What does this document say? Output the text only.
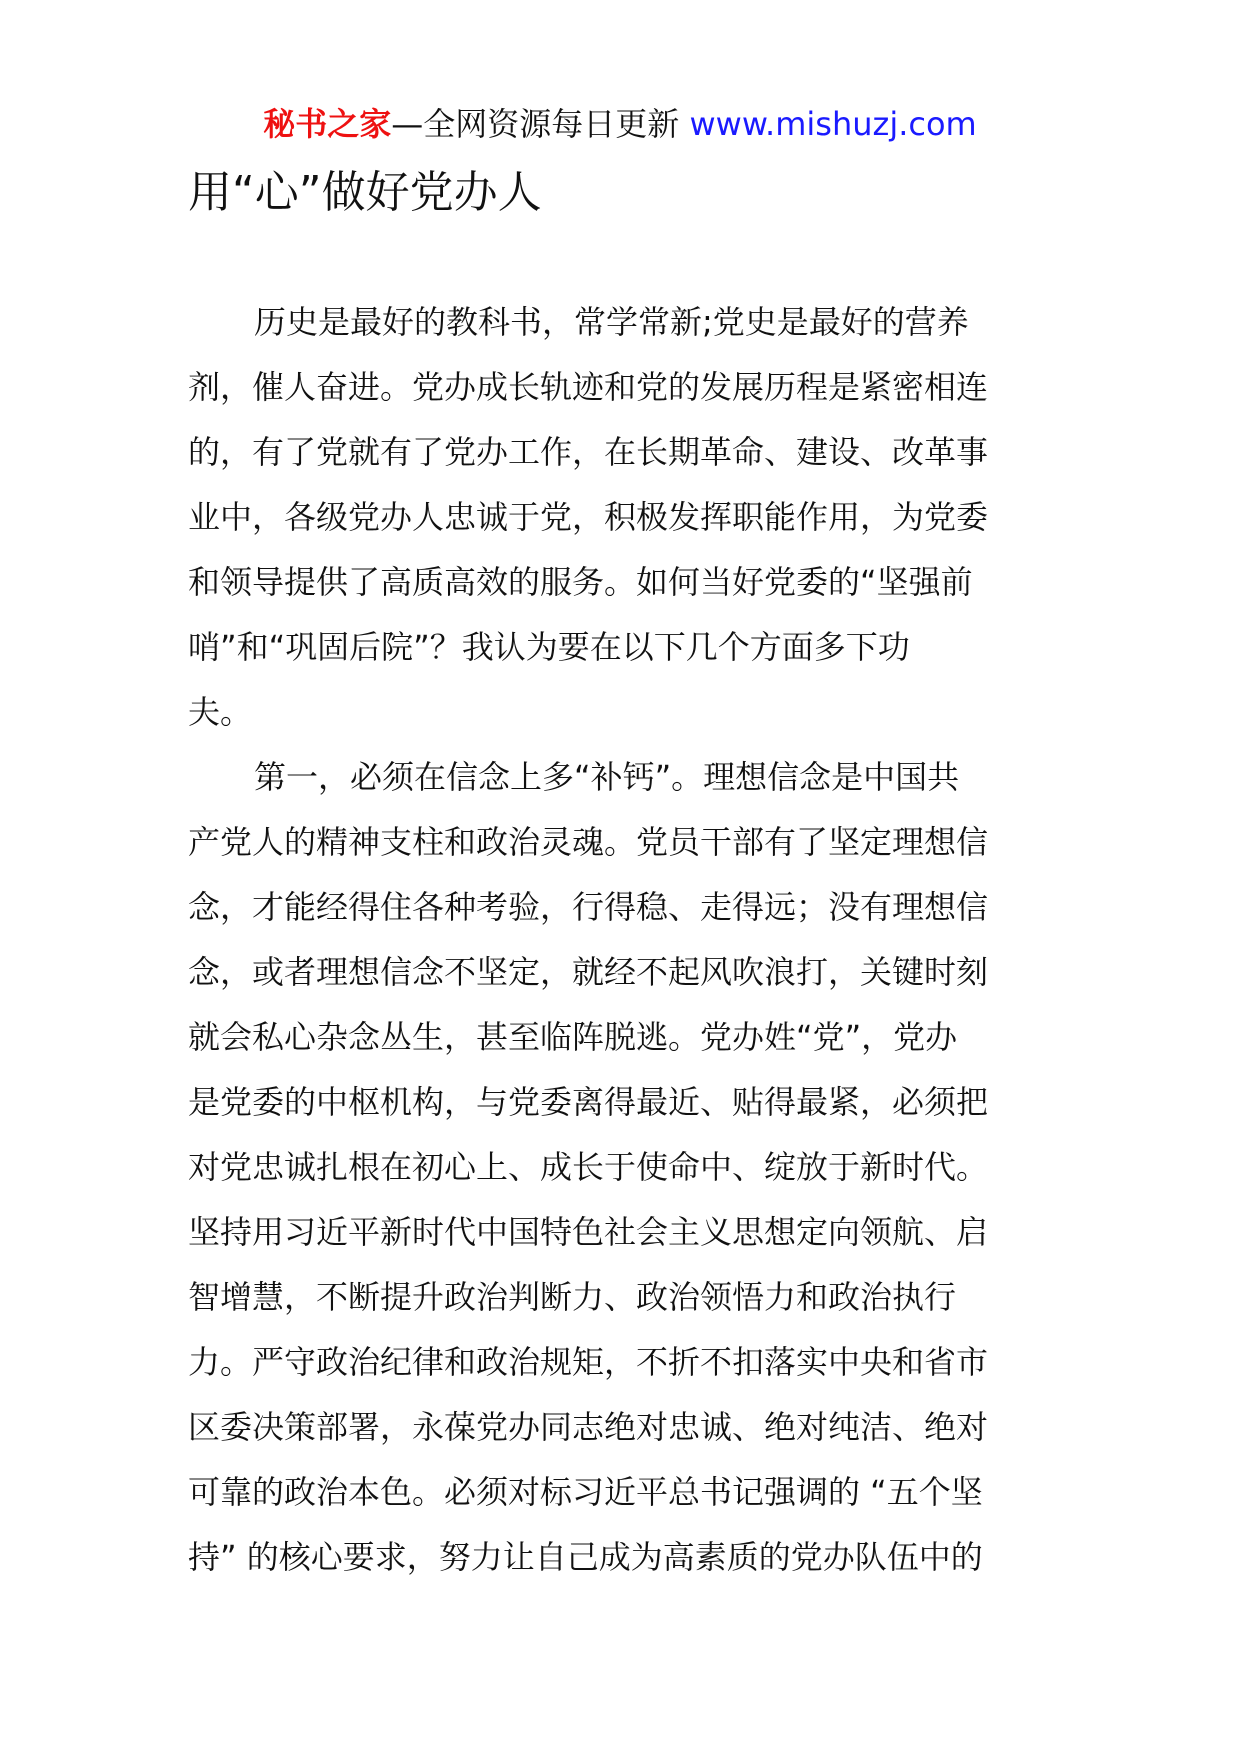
秘书之家—全网资源每日更新 www.mishuzj.com
用“心”做好党办人
历史是最好的教科书，常学常新;党史是最好的营养
剂，催人奋进。党办成长轨迹和党的发展历程是紧密相连
的，有了党就有了党办工作，在长期革命、建设、改革事
业中，各级党办人忠诚于党，积极发挥职能作用，为党委
和领导提供了高质高效的服务。如何当好党委的“坚强前
哨”和“巩固后院”？我认为要在以下几个方面多下功
夫。
第一，必须在信念上多“补钙”。理想信念是中国共
产党人的精神支柱和政治灵魂。党员干部有了坚定理想信
念，才能经得住各种考验，行得稳、走得远；没有理想信
念，或者理想信念不坚定，就经不起风吹浪打，关键时刻
就会私心杂念丛生，甚至临阵脱逃。党办姓“党”，党办
是党委的中枢机构，与党委离得最近、贴得最紧，必须把
对党忠诚扎根在初心上、成长于使命中、绽放于新时代。
坚持用习近平新时代中国特色社会主义思想定向领航、启
智增慧，不断提升政治判断力、政治领悟力和政治执行
力。严守政治纪律和政治规矩，不折不扣落实中央和省市
区委决策部署，永葆党办同志绝对忠诚、绝对纯洁、绝对
可靠的政治本色。必须对标习近平总书记强调的 “五个坚
持” 的核心要求，努力让自己成为高素质的党办队伍中的
